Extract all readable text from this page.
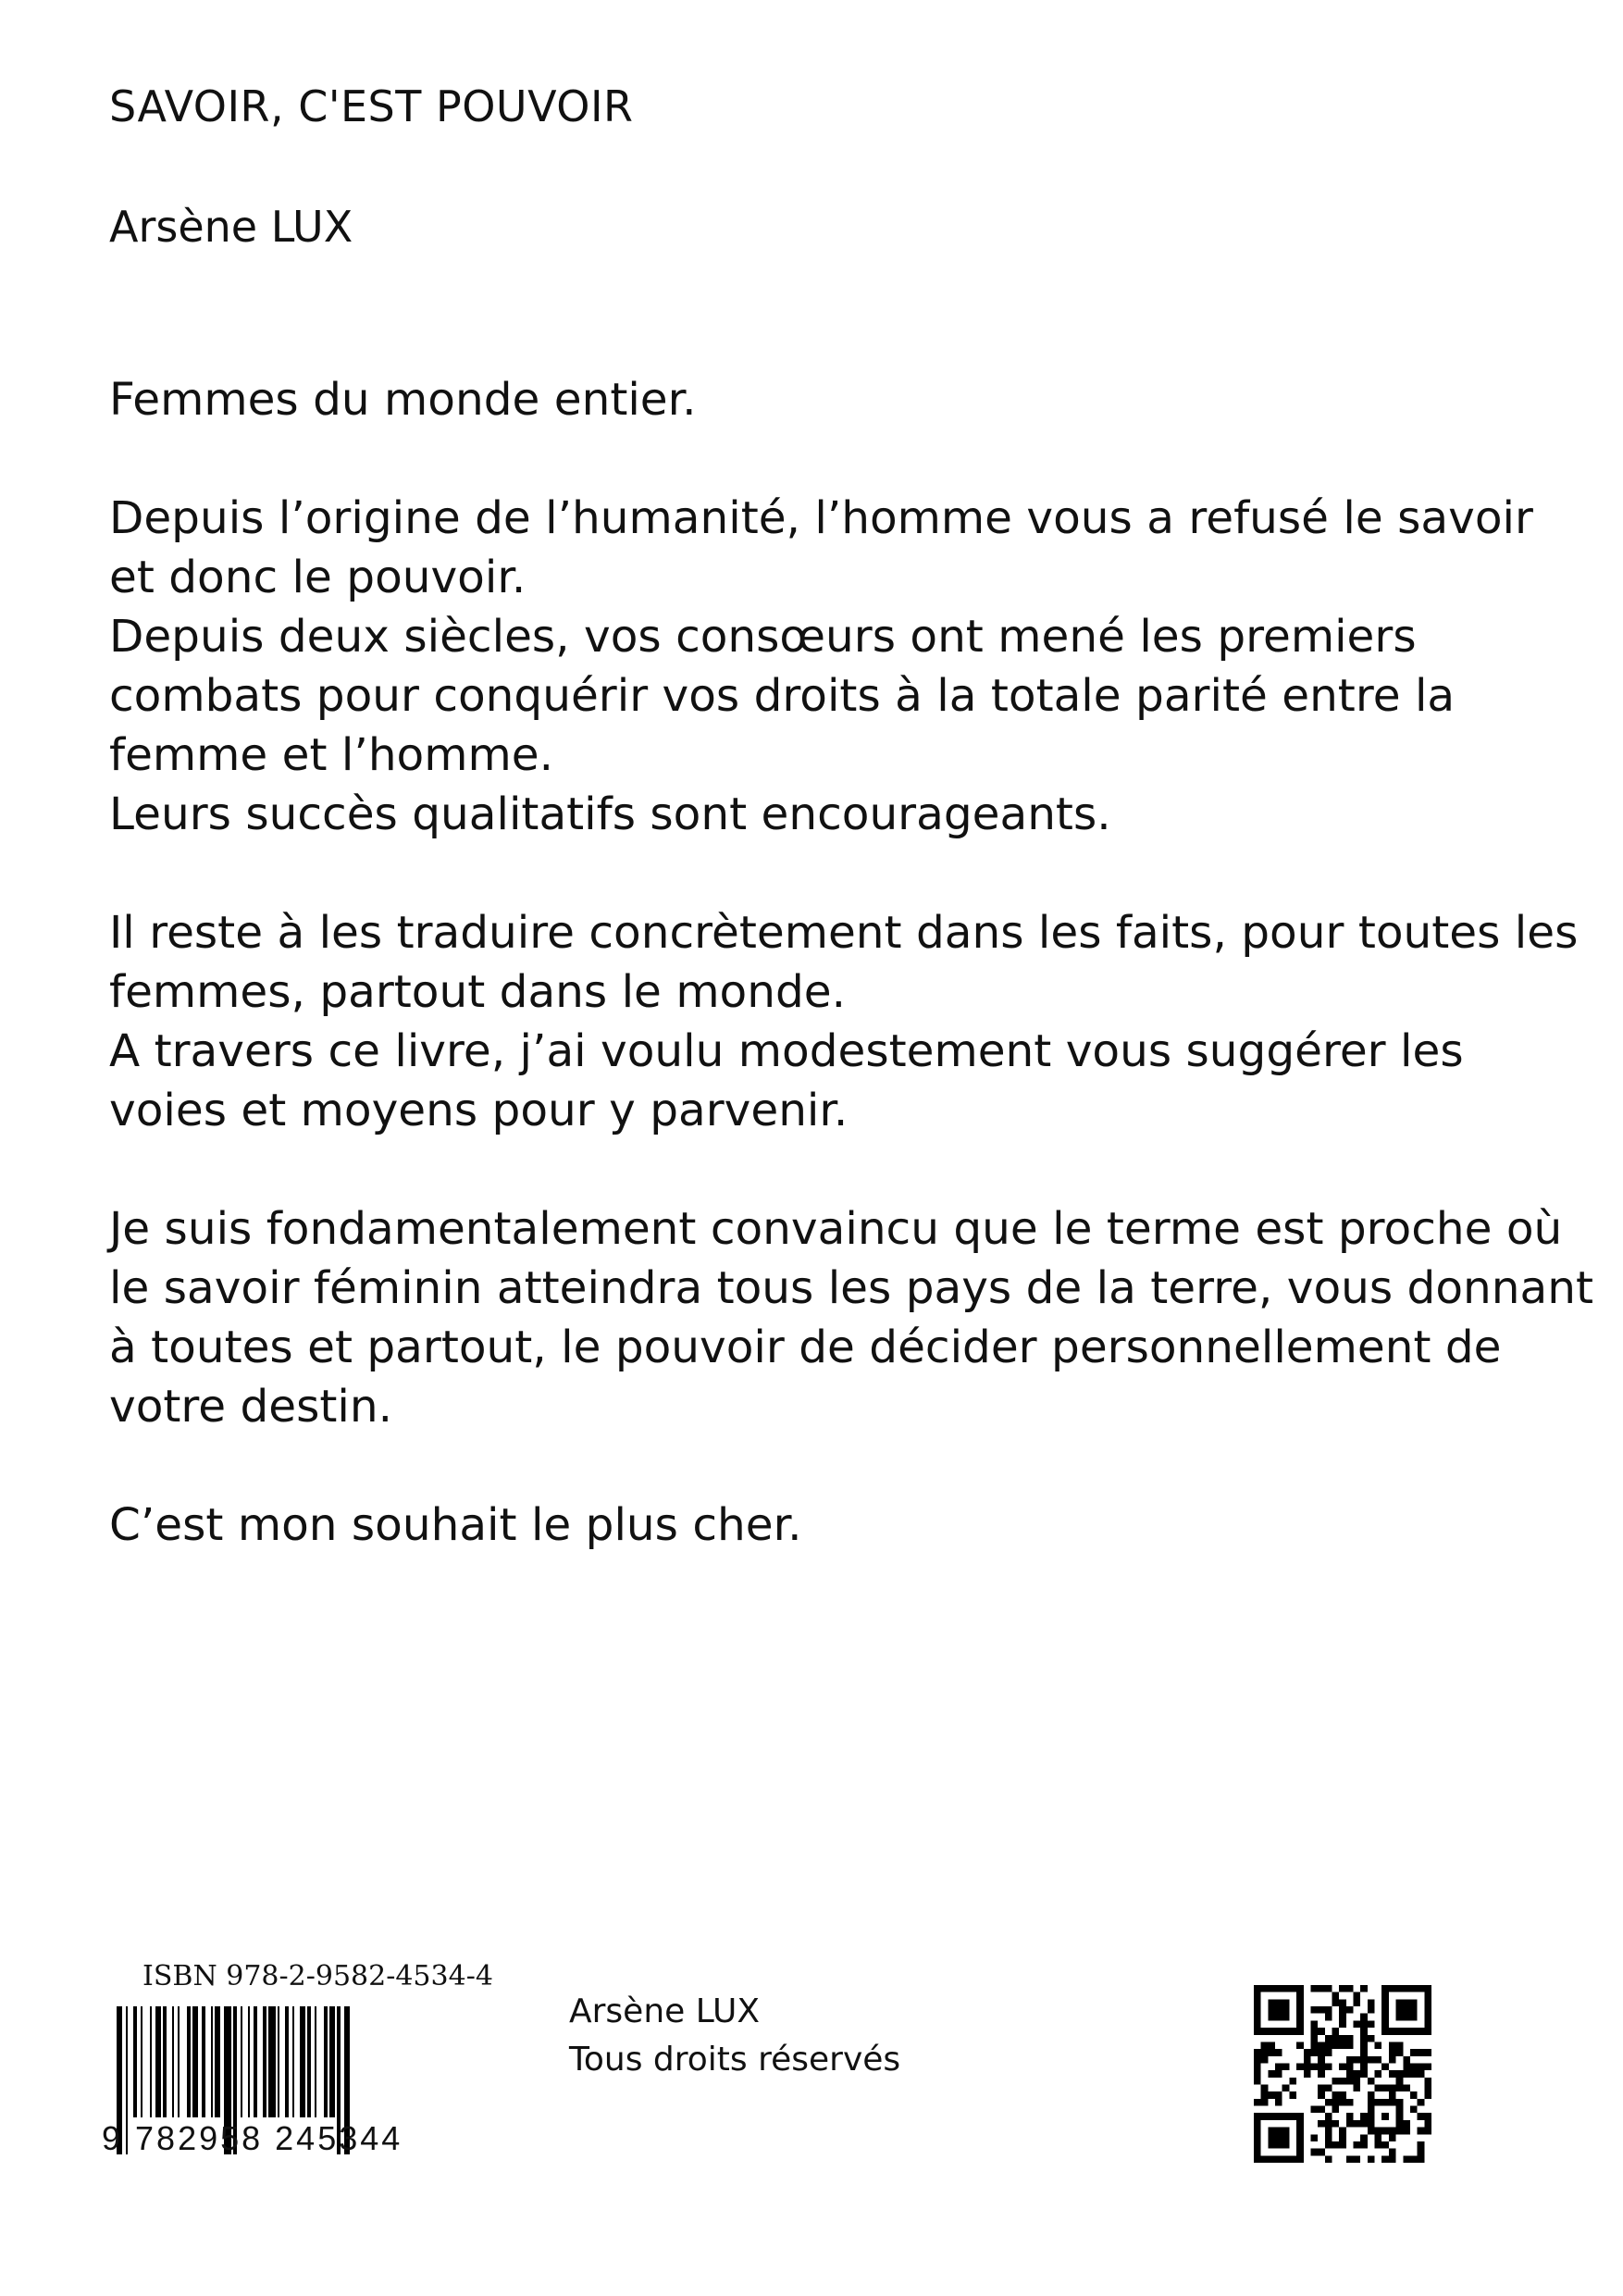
SAVOIR, C'EST POUVOIR
Arsène LUX
Femmes du monde entier.
Depuis l’origine de l’humanité, l’homme vous a refusé le savoir
et donc le pouvoir.
Depuis deux siècles, vos consœurs ont mené les premiers
combats pour conquérir vos droits à la totale parité entre la
femme et l’homme.
Leurs succès qualitatifs sont encourageants.
Il reste à les traduire concrètement dans les faits, pour toutes les
femmes, partout dans le monde.
A travers ce livre, j’ai voulu modestement vous suggérer les
voies et moyens pour y parvenir.
Je suis fondamentalement convaincu que le terme est proche où
le savoir féminin atteindra tous les pays de la terre, vous donnant
à toutes et partout, le pouvoir de décider personnellement de
votre destin.
C’est mon souhait le plus cher.
ISBN 978-2-9582-4534-4
9 782958 245344
Arsène LUX
Tous droits réservés
